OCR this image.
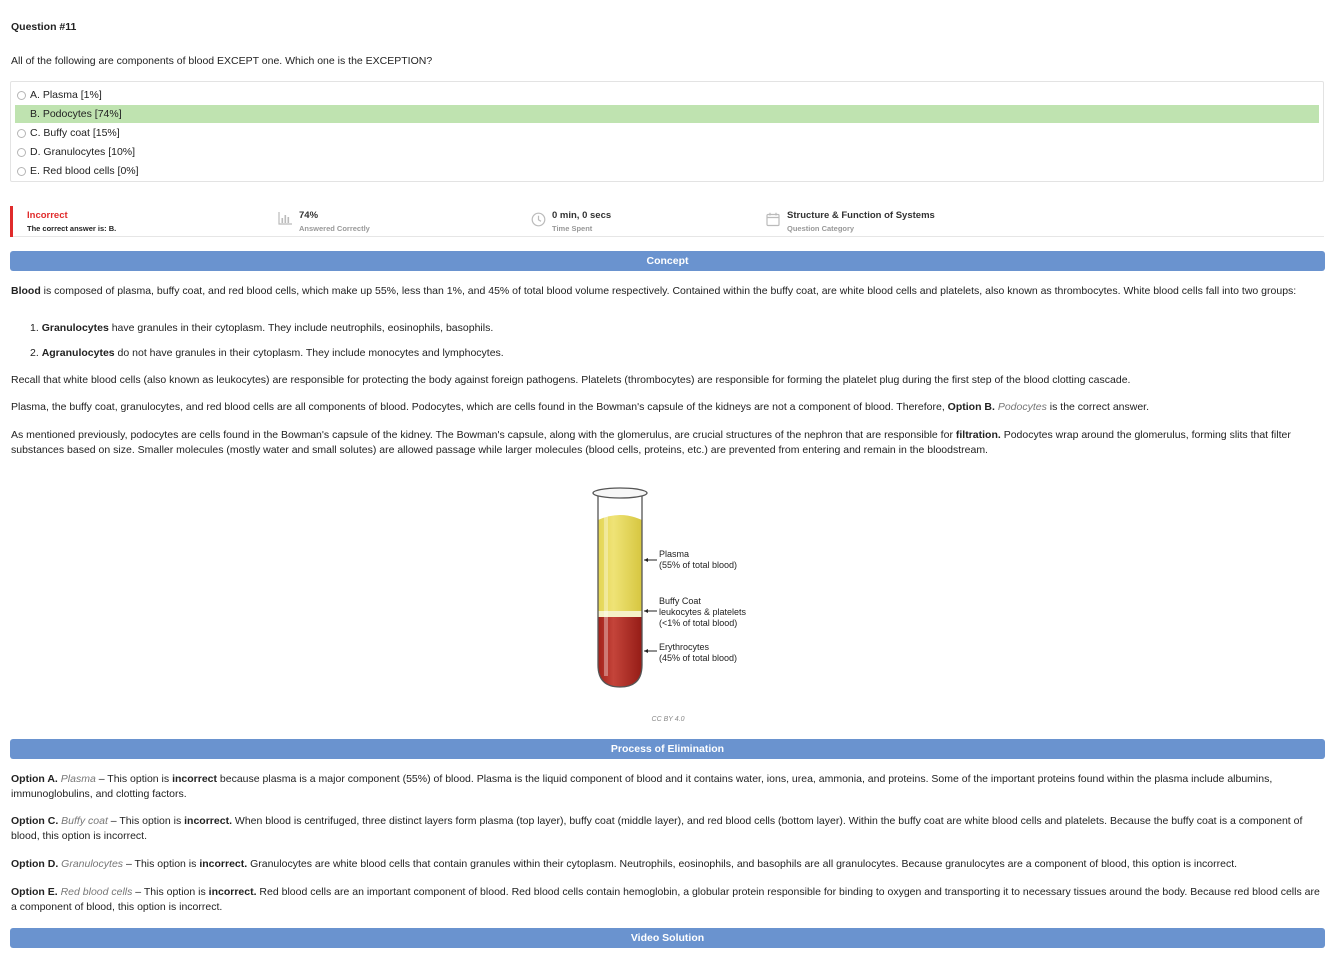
Question #11
All of the following are components of blood EXCEPT one. Which one is the EXCEPTION?
A. Plasma [1%]
B. Podocytes [74%]
C. Buffy coat [15%]
D. Granulocytes [10%]
E. Red blood cells [0%]
Incorrect
The correct answer is: B.
74%
Answered Correctly
0 min, 0 secs
Time Spent
Structure & Function of Systems
Question Category
Concept

Blood is composed of plasma, buffy coat, and red blood cells, which make up 55%, less than 1%, and 45% of total blood volume respectively. Contained within the buffy coat, are white blood cells and platelets, also known as thrombocytes. White blood cells fall into two groups:

1. Granulocytes have granules in their cytoplasm. They include neutrophils, eosinophils, basophils.

2. Agranulocytes do not have granules in their cytoplasm. They include monocytes and lymphocytes.

Recall that white blood cells (also known as leukocytes) are responsible for protecting the body against foreign pathogens. Platelets (thrombocytes) are responsible for forming the platelet plug during the first step of the blood clotting cascade.

Plasma, the buffy coat, granulocytes, and red blood cells are all components of blood. Podocytes, which are cells found in the Bowman's capsule of the kidneys are not a component of blood. Therefore, Option B. Podocytes is the correct answer.

As mentioned previously, podocytes are cells found in the Bowman's capsule of the kidney. The Bowman's capsule, along with the glomerulus, are crucial structures of the nephron that are responsible for filtration. Podocytes wrap around the glomerulus, forming slits that filter substances based on size. Smaller molecules (mostly water and small solutes) are allowed passage while larger molecules (blood cells, proteins, etc.) are prevented from entering and remain in the bloodstream.

Plasma
(55% of total blood)
Buffy Coat
leukocytes & platelets
(<1% of total blood)
Erythrocytes
(45% of total blood)
CC BY 4.0
Process of Elimination

Option A. Plasma – This option is incorrect because plasma is a major component (55%) of blood. Plasma is the liquid component of blood and it contains water, ions, urea, ammonia, and proteins. Some of the important proteins found within the plasma include albumins, immunoglobulins, and clotting factors.

Option C. Buffy coat – This option is incorrect. When blood is centrifuged, three distinct layers form plasma (top layer), buffy coat (middle layer), and red blood cells (bottom layer). Within the buffy coat are white blood cells and platelets. Because the buffy coat is a component of blood, this option is incorrect.

Option D. Granulocytes – This option is incorrect. Granulocytes are white blood cells that contain granules within their cytoplasm. Neutrophils, eosinophils, and basophils are all granulocytes. Because granulocytes are a component of blood, this option is incorrect.

Option E. Red blood cells – This option is incorrect. Red blood cells are an important component of blood. Red blood cells contain hemoglobin, a globular protein responsible for binding to oxygen and transporting it to necessary tissues around the body. Because red blood cells are a component of blood, this option is incorrect.

Video Solution
